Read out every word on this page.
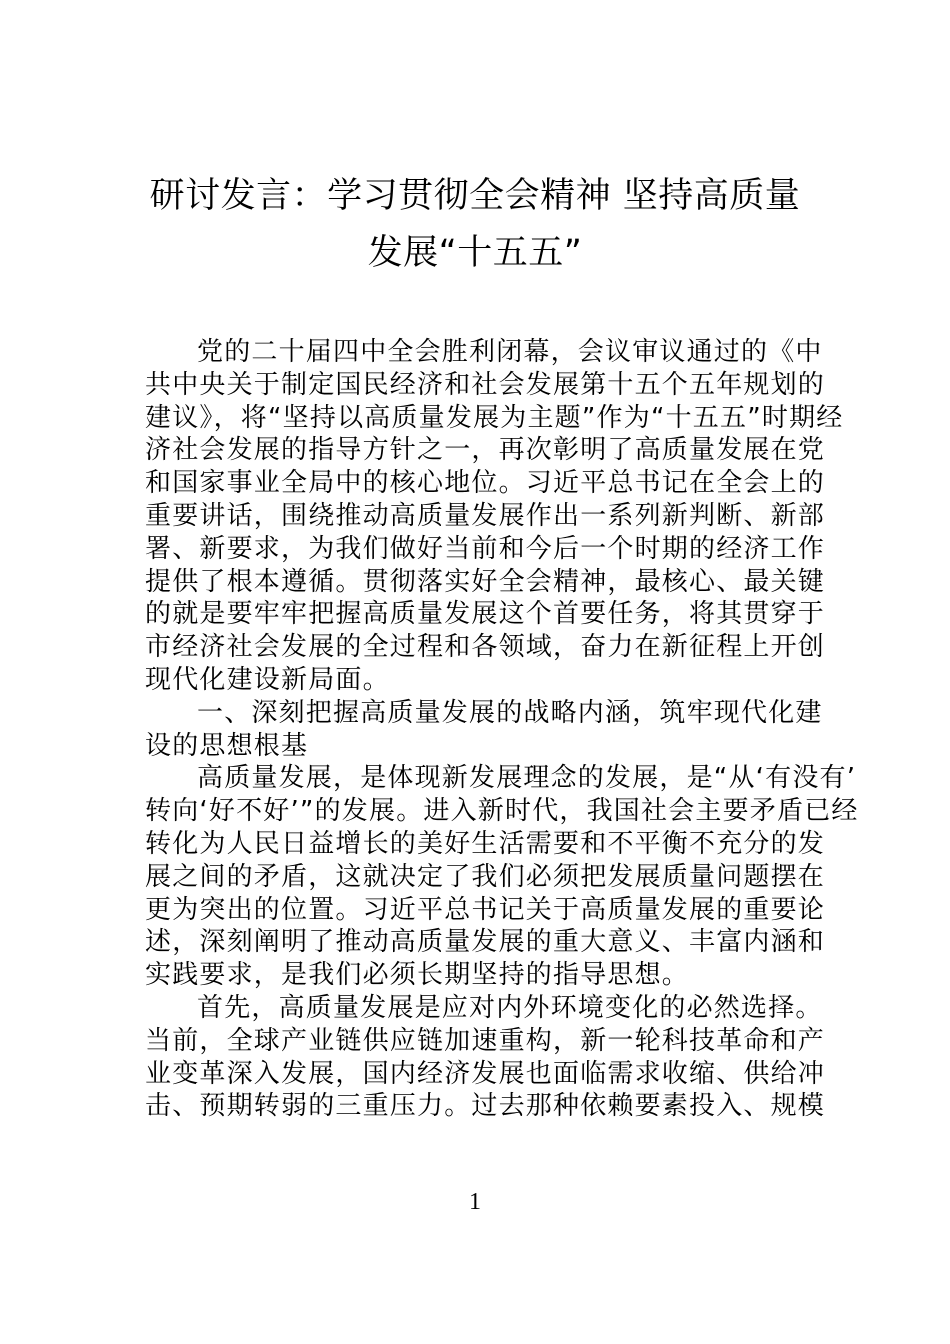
研讨发言：学习贯彻全会精神 坚持高质量
发展“十五五”
党的二十届四中全会胜利闭幕，会议审议通过的《中
共中央关于制定国民经济和社会发展第十五个五年规划的
建议》，将“坚持以高质量发展为主题”作为“十五五”时期经
济社会发展的指导方针之一，再次彰明了高质量发展在党
和国家事业全局中的核心地位。习近平总书记在全会上的
重要讲话，围绕推动高质量发展作出一系列新判断、新部
署、新要求，为我们做好当前和今后一个时期的经济工作
提供了根本遵循。贯彻落实好全会精神，最核心、最关键
的就是要牢牢把握高质量发展这个首要任务，将其贯穿于
市经济社会发展的全过程和各领域，奋力在新征程上开创
现代化建设新局面。
一、深刻把握高质量发展的战略内涵，筑牢现代化建
设的思想根基
高质量发展，是体现新发展理念的发展，是“从‘有没有’
转向‘好不好’”的发展。进入新时代，我国社会主要矛盾已经
转化为人民日益增长的美好生活需要和不平衡不充分的发
展之间的矛盾，这就决定了我们必须把发展质量问题摆在
更为突出的位置。习近平总书记关于高质量发展的重要论
述，深刻阐明了推动高质量发展的重大意义、丰富内涵和
实践要求，是我们必须长期坚持的指导思想。
首先，高质量发展是应对内外环境变化的必然选择。
当前，全球产业链供应链加速重构，新一轮科技革命和产
业变革深入发展，国内经济发展也面临需求收缩、供给冲
击、预期转弱的三重压力。过去那种依赖要素投入、规模
1
